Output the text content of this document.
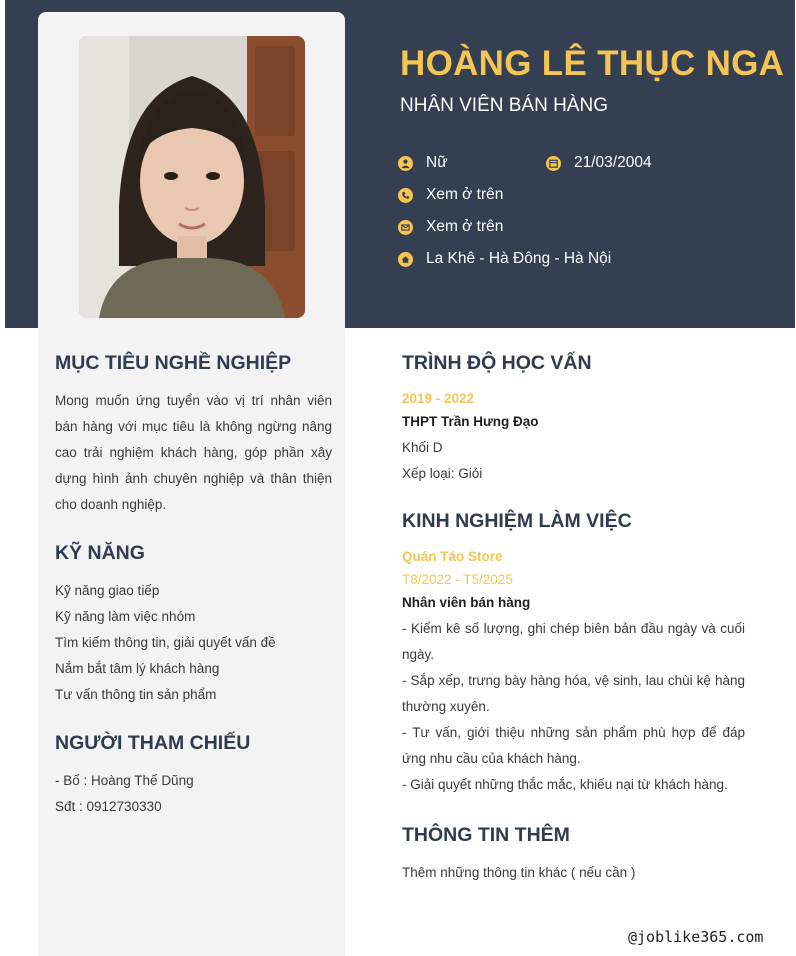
HOÀNG LÊ THỤC NGA
NHÂN VIÊN BÁN HÀNG
Nữ	21/03/2004
Xem ở trên
Xem ở trên
La Khê - Hà Đông - Hà Nội
MỤC TIÊU NGHỀ NGHIỆP
Mong muốn ứng tuyển vào vị trí nhân viên bán hàng với mục tiêu là không ngừng nâng cao trải nghiệm khách hàng, góp phần xây dựng hình ảnh chuyên nghiệp và thân thiện cho doanh nghiệp.
KỸ NĂNG
Kỹ năng giao tiếp
Kỹ năng làm việc nhóm
Tìm kiếm thông tin, giải quyết vấn đề
Nắm bắt tâm lý khách hàng
Tư vấn thông tin sản phẩm
NGƯỜI THAM CHIẾU
- Bố : Hoàng Thế Dũng
Sđt : 0912730330
TRÌNH ĐỘ HỌC VẤN
2019 - 2022
THPT Trần Hưng Đạo
Khối D
Xếp loại: Giỏi
KINH NGHIỆM LÀM VIỆC
Quán Táo Store
T8/2022 - T5/2025
Nhân viên bán hàng
- Kiểm kê số lượng, ghi chép biên bản đầu ngày và cuối ngày.
- Sắp xếp, trưng bày hàng hóa, vệ sinh, lau chùi kệ hàng thường xuyên.
- Tư vấn, giới thiệu những sản phẩm phù hợp để đáp ứng nhu cầu của khách hàng.
- Giải quyết những thắc mắc, khiếu nại từ khách hàng.
THÔNG TIN THÊM
Thêm những thông tin khác ( nếu cần )
@joblike365.com
